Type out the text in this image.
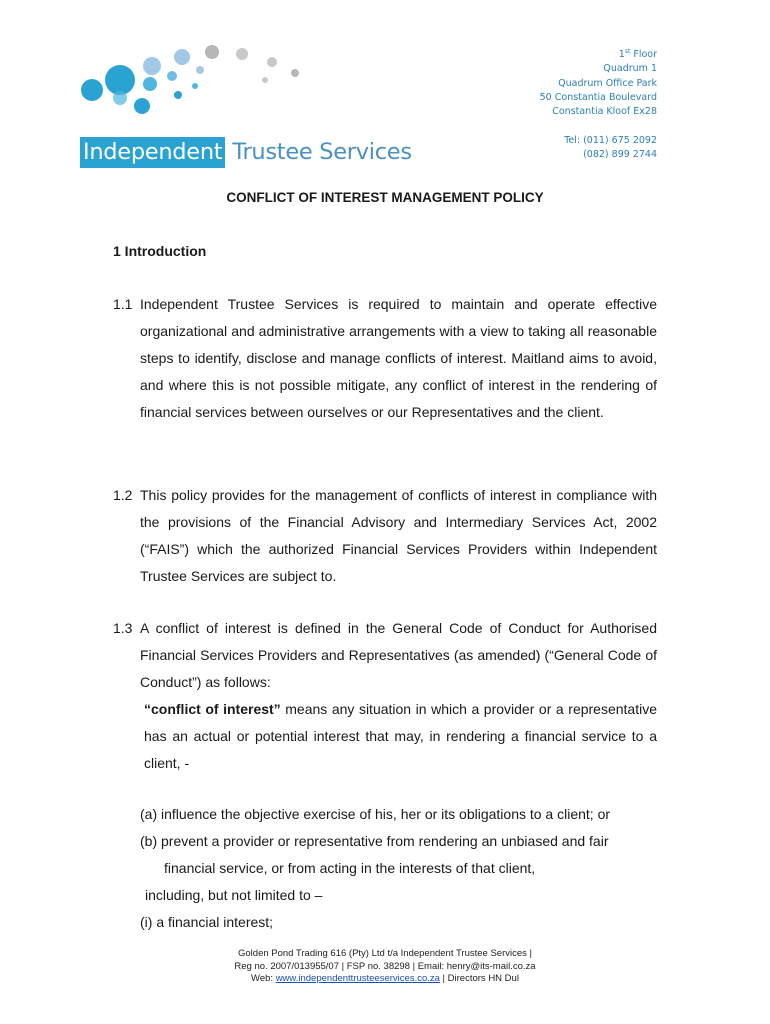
Independent Trustee Services
1st Floor
Quadrum 1
Quadrum Office Park
50 Constantia Boulevard
Constantia Kloof Ex28
Tel: (011) 675 2092
(082) 899 2744
CONFLICT OF INTEREST MANAGEMENT POLICY
1 Introduction
1.1 Independent Trustee Services is required to maintain and operate effective organizational and administrative arrangements with a view to taking all reasonable steps to identify, disclose and manage conflicts of interest. Maitland aims to avoid, and where this is not possible mitigate, any conflict of interest in the rendering of financial services between ourselves or our Representatives and the client.
1.2 This policy provides for the management of conflicts of interest in compliance with the provisions of the Financial Advisory and Intermediary Services Act, 2002 (“FAIS”) which the authorized Financial Services Providers within Independent Trustee Services are subject to.
1.3 A conflict of interest is defined in the General Code of Conduct for Authorised Financial Services Providers and Representatives (as amended) (“General Code of Conduct”) as follows:
“conflict of interest” means any situation in which a provider or a representative has an actual or potential interest that may, in rendering a financial service to a client, -
(a) influence the objective exercise of his, her or its obligations to a client; or
(b) prevent a provider or representative from rendering an unbiased and fair
financial service, or from acting in the interests of that client,
including, but not limited to –
(i) a financial interest;
Golden Pond Trading 616 (Pty) Ltd t/a Independent Trustee Services |
Reg no. 2007/013955/07 | FSP no. 38298 | Email: henry@its-mail.co.za
Web: www.independenttrusteeservices.co.za | Directors HN Dul
